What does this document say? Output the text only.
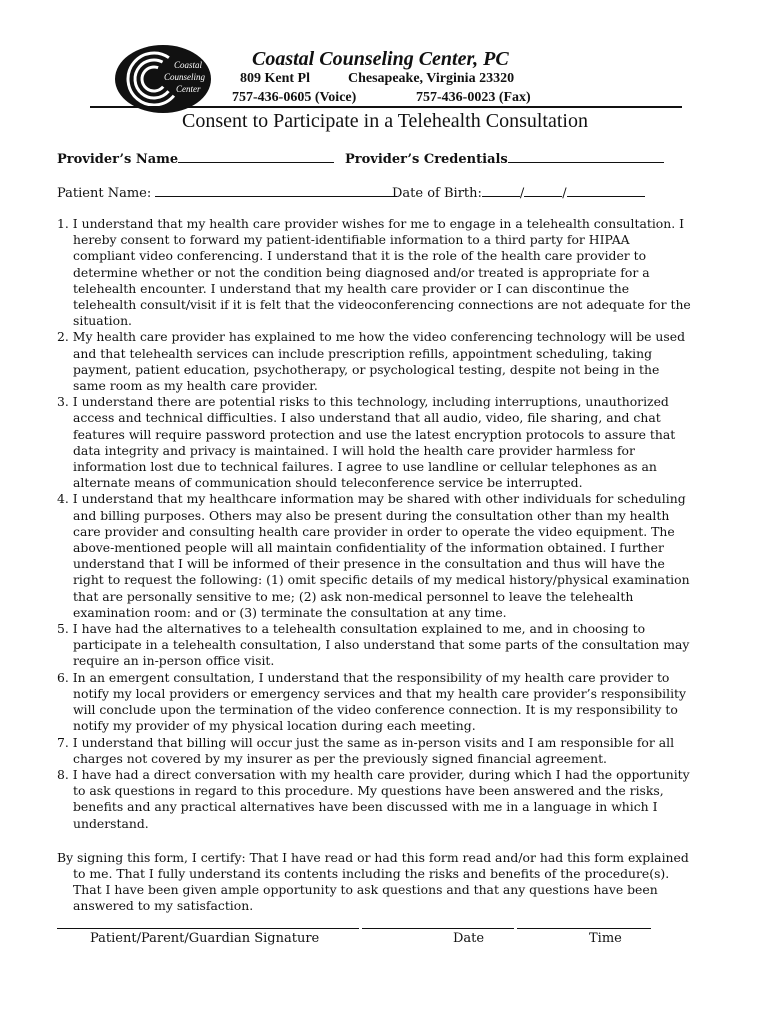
Coastal
Counseling
Center
Coastal Counseling Center, PC
809 Kent Pl	Chesapeake, Virginia 23320
757-436-0605 (Voice)	757-436-0023 (Fax)
Consent to Participate in a Telehealth Consultation
Provider’s Name	Provider’s Credentials
Patient Name:	Date of Birth:	/	/

1. I understand that my health care provider wishes for me to engage in a telehealth consultation. I hereby consent to forward my patient-identifiable information to a third party for HIPAA compliant video conferencing. I understand that it is the role of the health care provider to determine whether or not the condition being diagnosed and/or treated is appropriate for a telehealth encounter. I understand that my health care provider or I can discontinue the telehealth consult/visit if it is felt that the videoconferencing connections are not adequate for the situation.

2. My health care provider has explained to me how the video conferencing technology will be used and that telehealth services can include prescription refills, appointment scheduling, taking payment, patient education, psychotherapy, or psychological testing, despite not being in the same room as my health care provider.

3. I understand there are potential risks to this technology, including interruptions, unauthorized access and technical difficulties. I also understand that all audio, video, file sharing, and chat features will require password protection and use the latest encryption protocols to assure that data integrity and privacy is maintained. I will hold the health care provider harmless for information lost due to technical failures. I agree to use landline or cellular telephones as an alternate means of communication should teleconference service be interrupted.

4. I understand that my healthcare information may be shared with other individuals for scheduling and billing purposes. Others may also be present during the consultation other than my health care provider and consulting health care provider in order to operate the video equipment. The above-mentioned people will all maintain confidentiality of the information obtained. I further understand that I will be informed of their presence in the consultation and thus will have the right to request the following: (1) omit specific details of my medical history/physical examination that are personally sensitive to me; (2) ask non-medical personnel to leave the telehealth examination room: and or (3) terminate the consultation at any time.

5. I have had the alternatives to a telehealth consultation explained to me, and in choosing to participate in a telehealth consultation, I also understand that some parts of the consultation may require an in-person office visit.

6. In an emergent consultation, I understand that the responsibility of my health care provider to notify my local providers or emergency services and that my health care provider’s responsibility will conclude upon the termination of the video conference connection. It is my responsibility to notify my provider of my physical location during each meeting.

7. I understand that billing will occur just the same as in-person visits and I am responsible for all charges not covered by my insurer as per the previously signed financial agreement.

8. I have had a direct conversation with my health care provider, during which I had the opportunity to ask questions in regard to this procedure. My questions have been answered and the risks, benefits and any practical alternatives have been discussed with me in a language in which I understand.

By signing this form, I certify: That I have read or had this form read and/or had this form explained to me. That I fully understand its contents including the risks and benefits of the procedure(s). That I have been given ample opportunity to ask questions and that any questions have been answered to my satisfaction.

Patient/Parent/Guardian Signature	Date	Time
